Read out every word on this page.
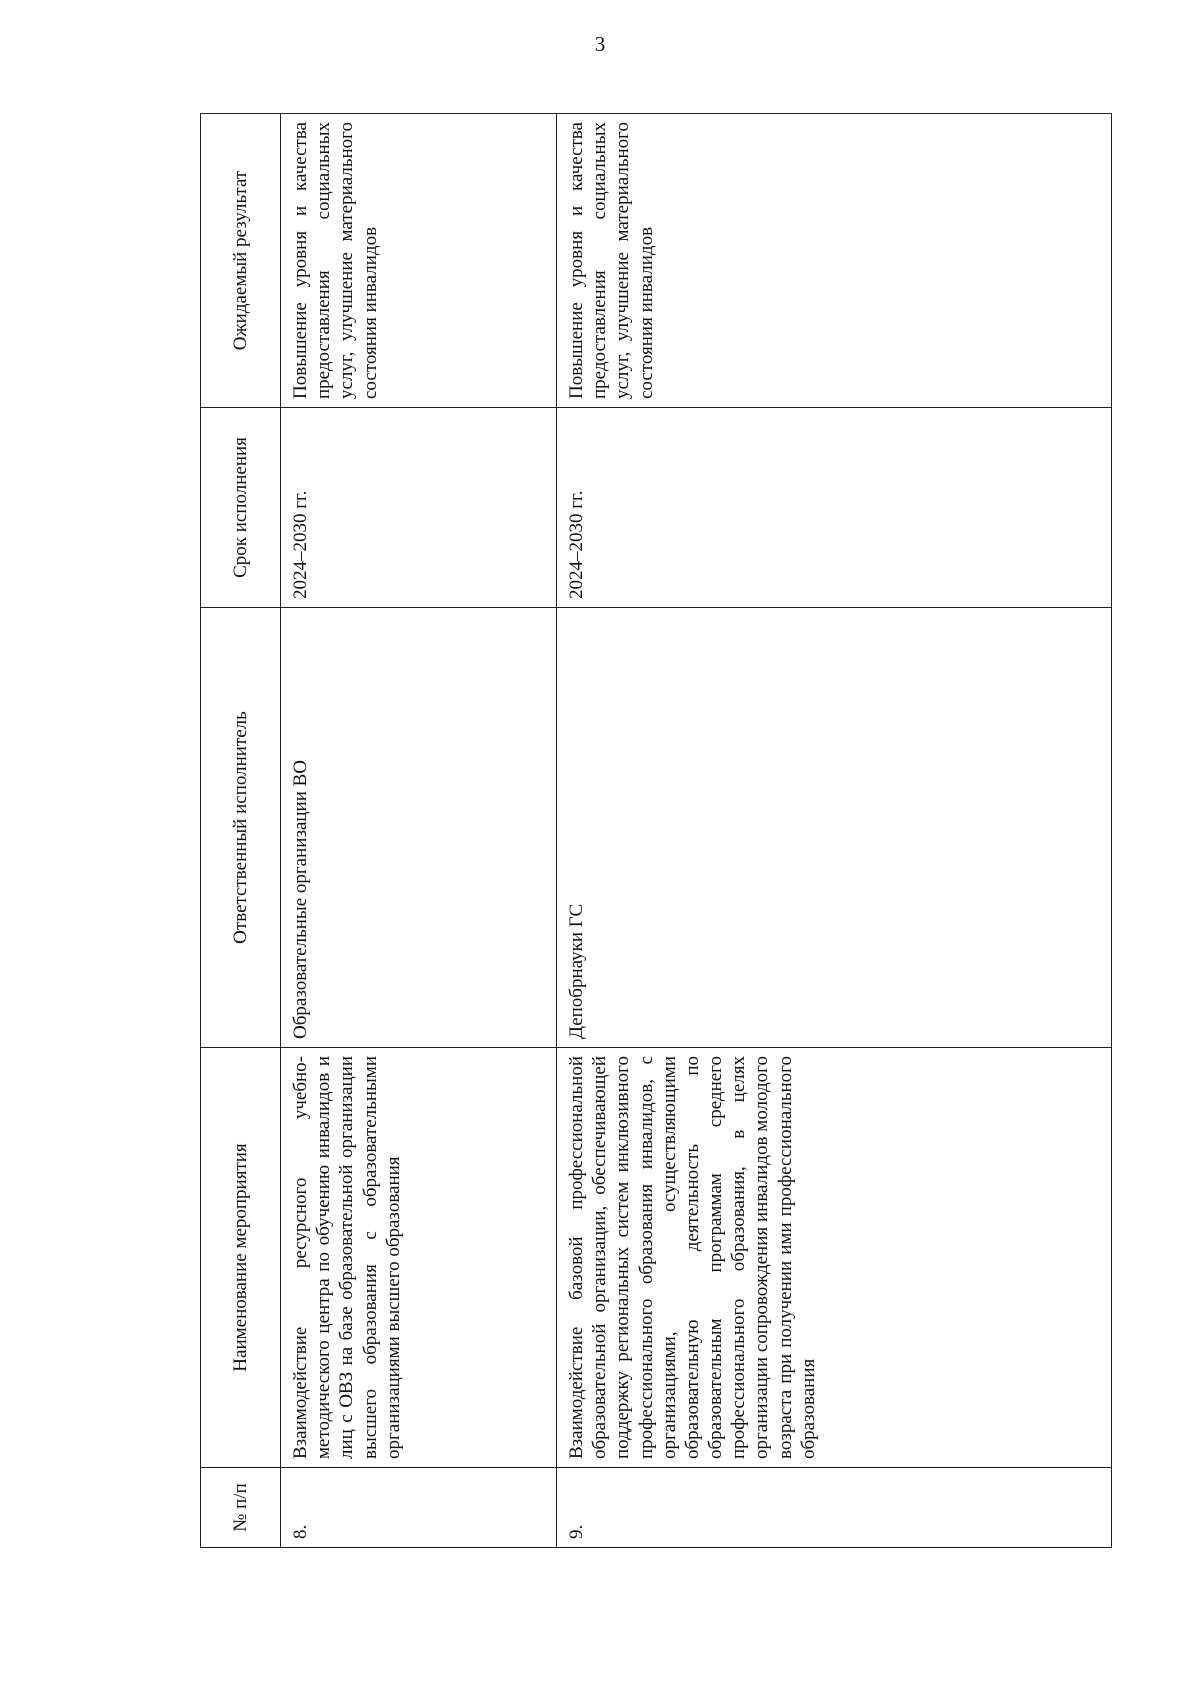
3
№ п/п	Наименование мероприятия	Ответственный исполнитель	Срок исполнения	Ожидаемый результат
8.	Взаимодействие ресурсного учебно-методического центра по обучению инвалидов и лиц с ОВЗ на базе образовательной организации высшего образования с образовательными организациями высшего образования	Образовательные организации ВО	2024–2030 гг.	Повышение уровня и качества предоставления социальных услуг, улучшение материального состояния инвалидов
9.	Взаимодействие базовой профессиональной образовательной организации, обеспечивающей поддержку региональных систем инклюзивного профессионального образования инвалидов, с организациями, осуществляющими образовательную деятельность по образовательным программам среднего профессионального образования, в целях организации сопровождения инвалидов молодого возраста при получении ими профессионального образования	Депобрнауки ГС	2024–2030 гг.	Повышение уровня и качества предоставления социальных услуг, улучшение материального состояния инвалидов
